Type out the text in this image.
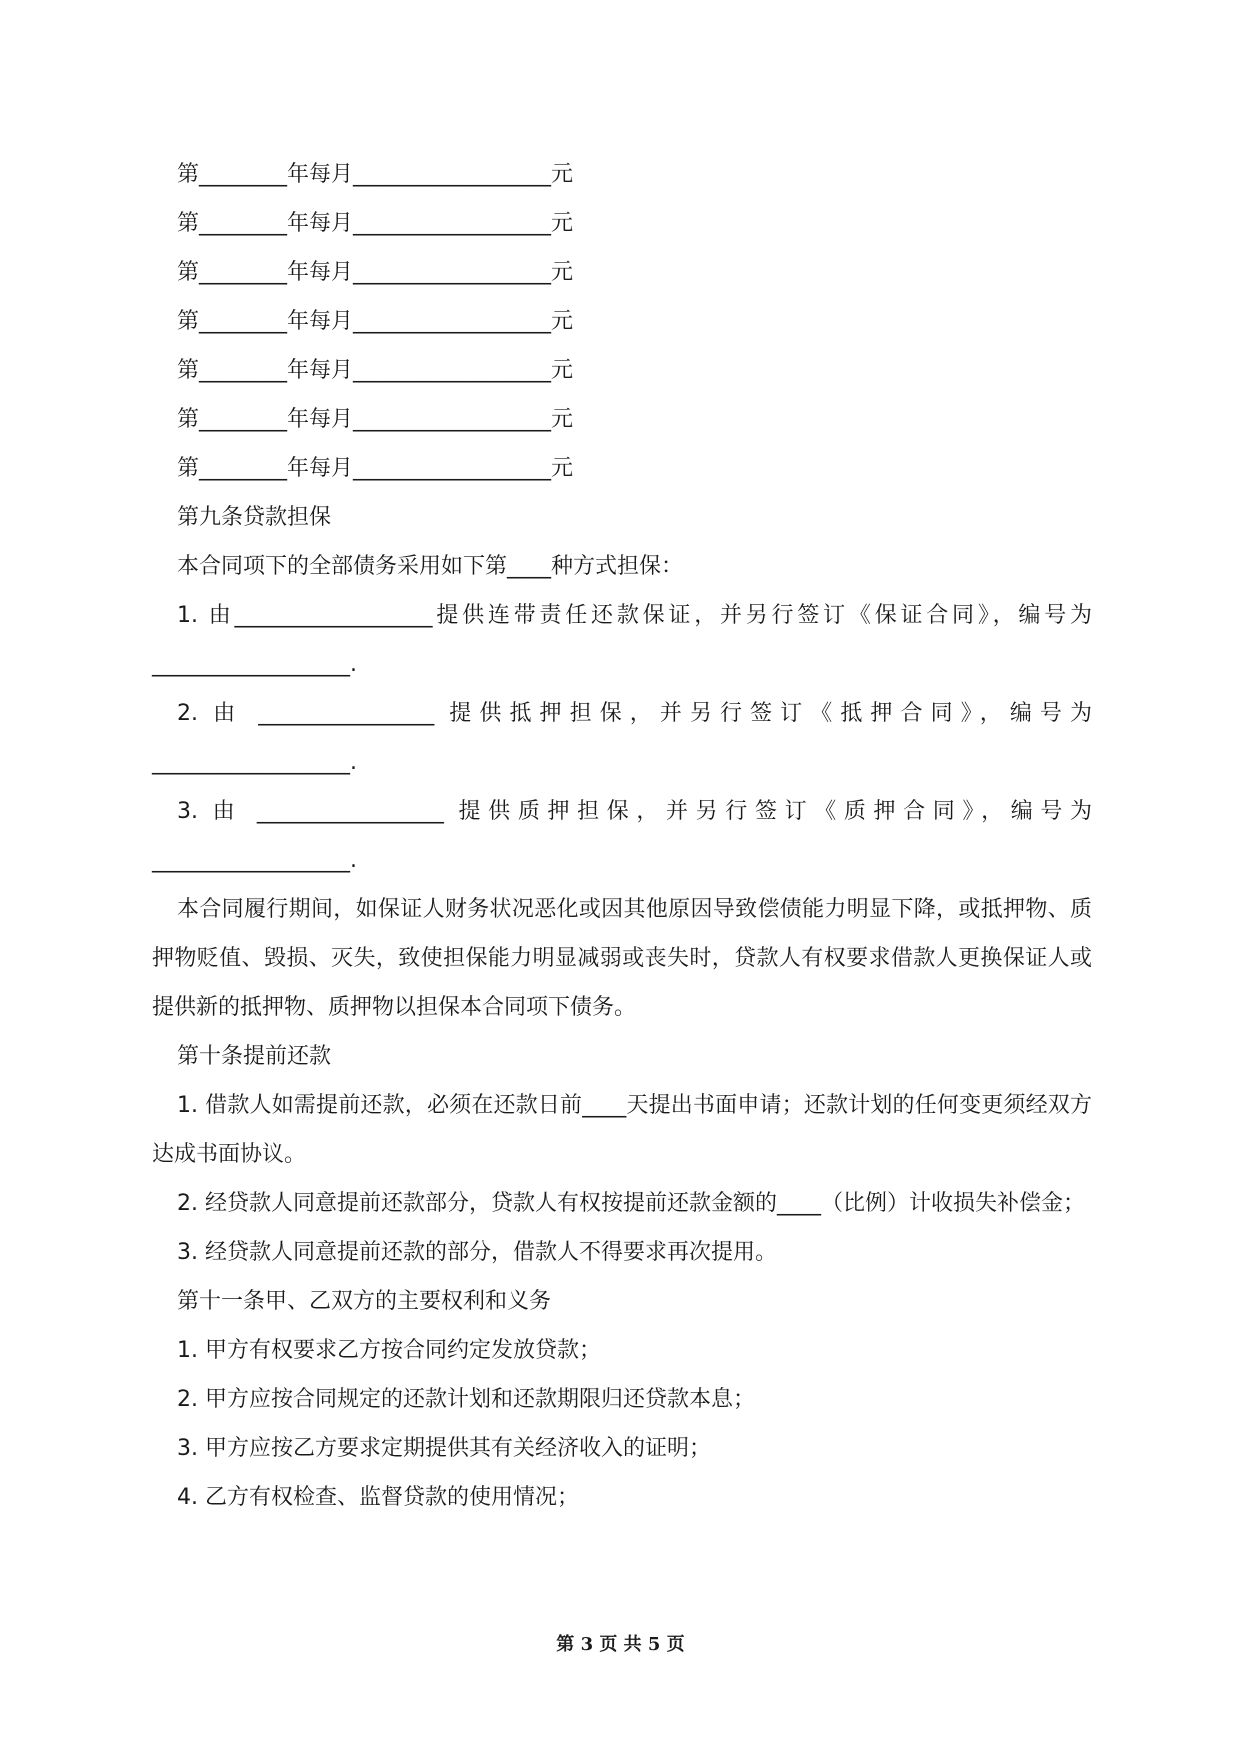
第________年每月__________________元
第________年每月__________________元
第________年每月__________________元
第________年每月__________________元
第________年每月__________________元
第________年每月__________________元
第________年每月__________________元

第九条贷款担保

本合同项下的全部债务采用如下第____种方式担保：

1. 由__________________提供连带责任还款保证，并另行签订《保证合同》，编号为__________________.

2. 由 ________________ 提供抵押担保，并另行签订《抵押合同》，编号为__________________.

3. 由 _________________ 提供质押担保，并另行签订《质押合同》，编号为__________________.

本合同履行期间，如保证人财务状况恶化或因其他原因导致偿债能力明显下降，或抵押物、质押物贬值、毁损、灭失，致使担保能力明显减弱或丧失时，贷款人有权要求借款人更换保证人或提供新的抵押物、质押物以担保本合同项下债务。

第十条提前还款

1. 借款人如需提前还款，必须在还款日前____天提出书面申请；还款计划的任何变更须经双方达成书面协议。

2. 经贷款人同意提前还款部分，贷款人有权按提前还款金额的____（比例）计收损失补偿金；

3. 经贷款人同意提前还款的部分，借款人不得要求再次提用。

第十一条甲、乙双方的主要权利和义务

1. 甲方有权要求乙方按合同约定发放贷款；

2. 甲方应按合同规定的还款计划和还款期限归还贷款本息；

3. 甲方应按乙方要求定期提供其有关经济收入的证明；

4. 乙方有权检查、监督贷款的使用情况；

第 3 页 共 5 页
